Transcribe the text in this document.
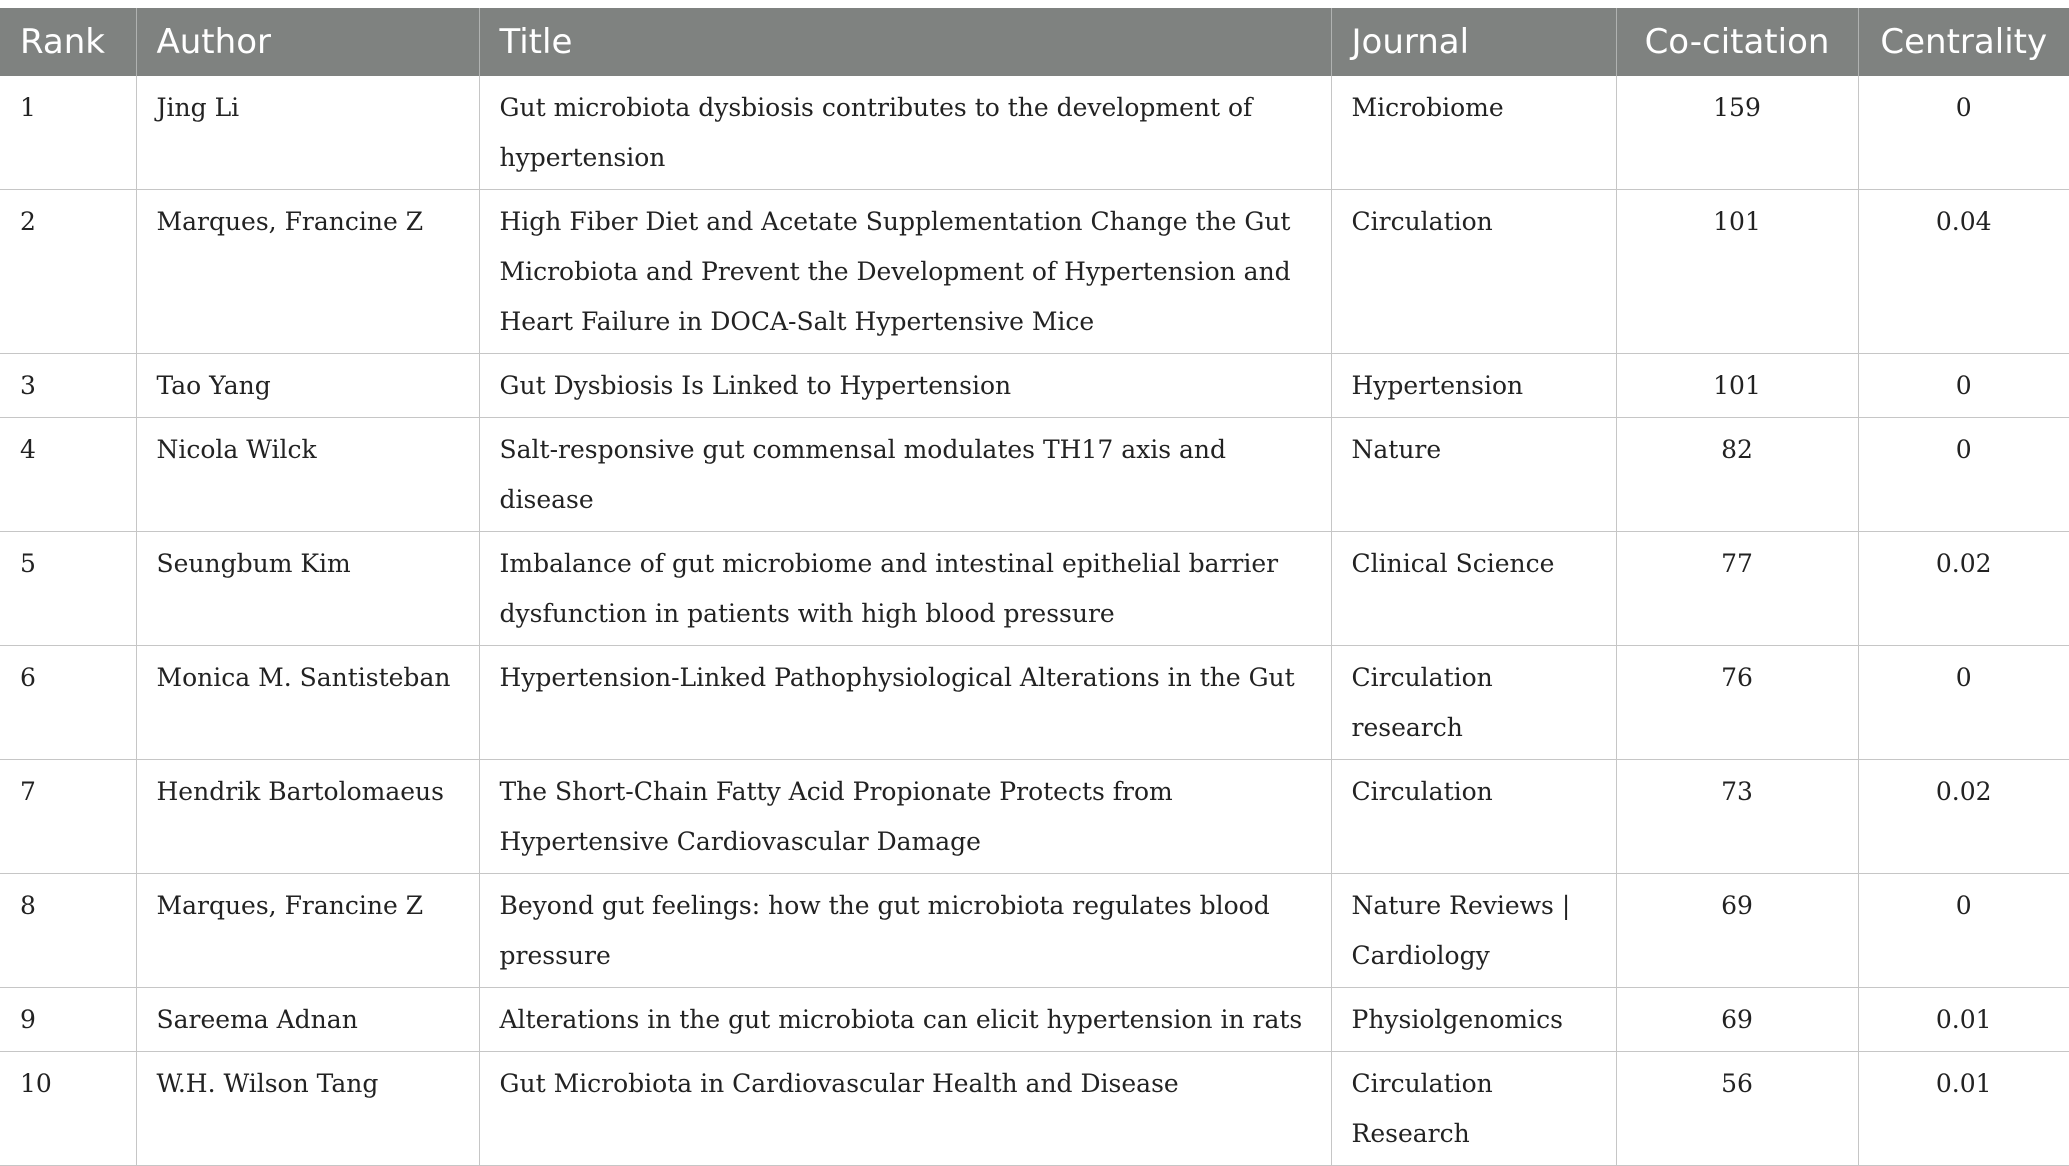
Rank	Author	Title	Journal	Co-citation	Centrality
1	Jing Li	Gut microbiota dysbiosis contributes to the development of hypertension	Microbiome	159	0
2	Marques, Francine Z	High Fiber Diet and Acetate Supplementation Change the Gut Microbiota and Prevent the Development of Hypertension and Heart Failure in DOCA-Salt Hypertensive Mice	Circulation	101	0.04
3	Tao Yang	Gut Dysbiosis Is Linked to Hypertension	Hypertension	101	0
4	Nicola Wilck	Salt-responsive gut commensal modulates TH17 axis and disease	Nature	82	0
5	Seungbum Kim	Imbalance of gut microbiome and intestinal epithelial barrier dysfunction in patients with high blood pressure	Clinical Science	77	0.02
6	Monica M. Santisteban	Hypertension-Linked Pathophysiological Alterations in the Gut	Circulation research	76	0
7	Hendrik Bartolomaeus	The Short-Chain Fatty Acid Propionate Protects from Hypertensive Cardiovascular Damage	Circulation	73	0.02
8	Marques, Francine Z	Beyond gut feelings: how the gut microbiota regulates blood pressure	Nature Reviews | Cardiology	69	0
9	Sareema Adnan	Alterations in the gut microbiota can elicit hypertension in rats	Physiolgenomics	69	0.01
10	W.H. Wilson Tang	Gut Microbiota in Cardiovascular Health and Disease	Circulation Research	56	0.01
